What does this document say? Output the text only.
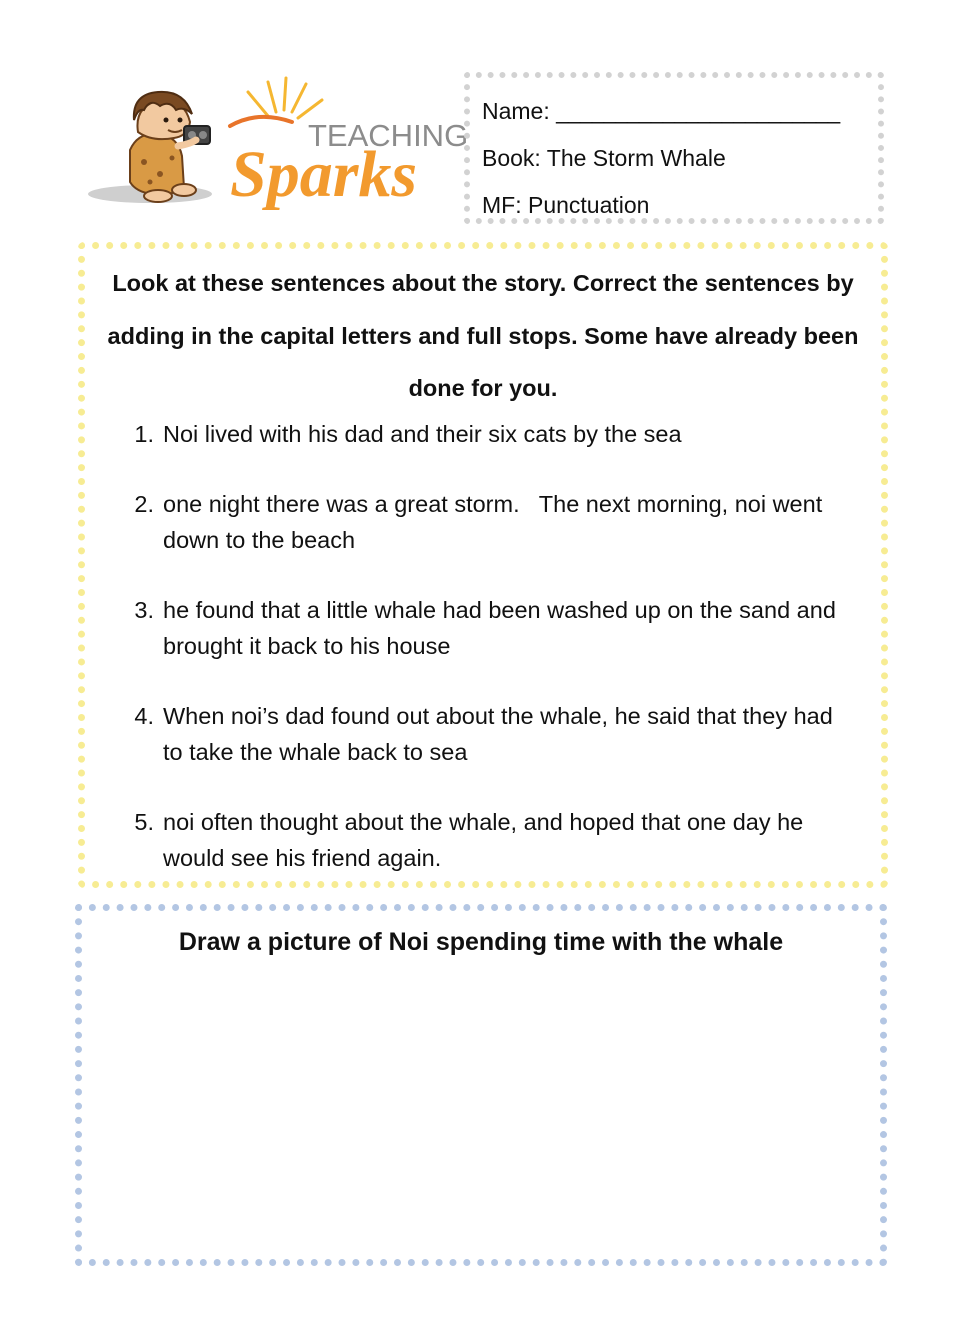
TEACHING
Sparks
Name: ________________________
Book: The Storm Whale
MF: Punctuation

Look at these sentences about the story. Correct the sentences by adding in the capital letters and full stops. Some have already been done for you.

1. Noi lived with his dad and their six cats by the sea
2. one night there was a great storm.   The next morning, noi went down to the beach
3. he found that a little whale had been washed up on the sand and brought it back to his house
4. When noi’s dad found out about the whale, he said that they had to take the whale back to sea
5. noi often thought about the whale, and hoped that one day he would see his friend again.
Draw a picture of Noi spending time with the whale
